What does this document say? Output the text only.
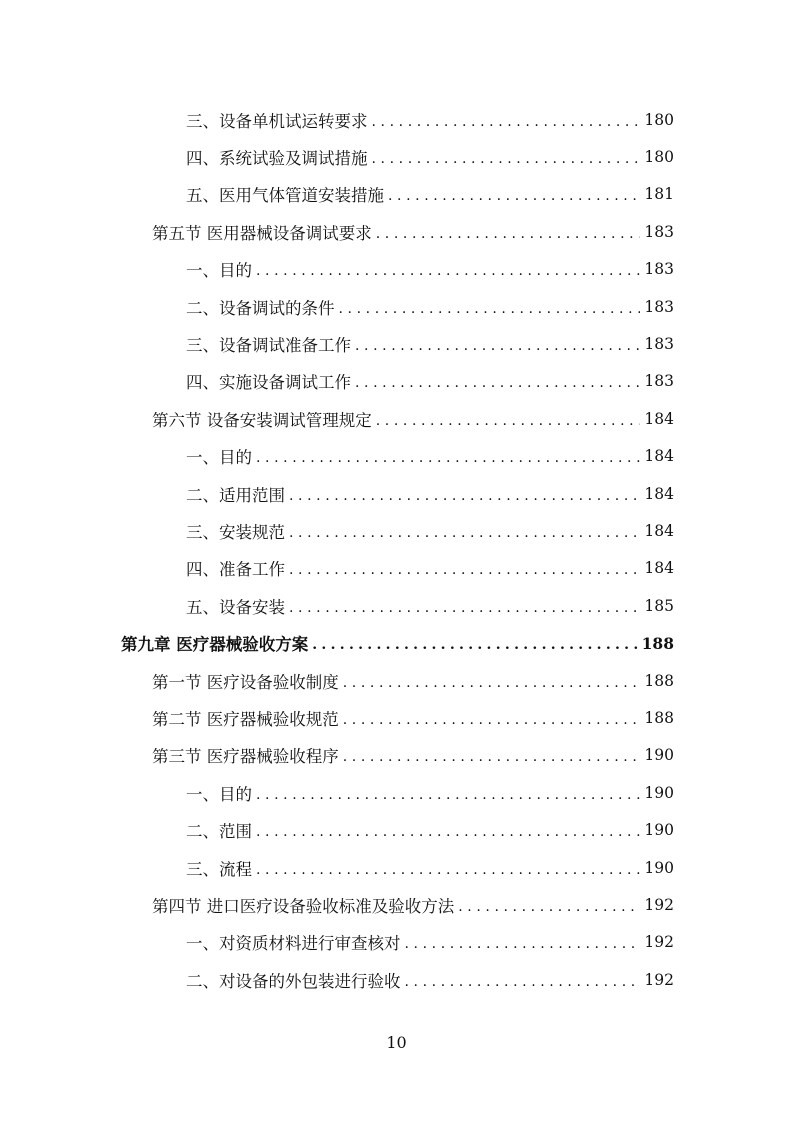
三、设备单机试运转要求 .....	180
四、系统试验及调试措施 .....	180
五、医用气体管道安装措施 .....	181
第五节 医用器械设备调试要求 .....	183
一、目的 .....	183
二、设备调试的条件 .....	183
三、设备调试准备工作 .....	183
四、实施设备调试工作 .....	183
第六节 设备安装调试管理规定 .....	184
一、目的 .....	184
二、适用范围 .....	184
三、安装规范 .....	184
四、准备工作 .....	184
五、设备安装 .....	185
第九章 医疗器械验收方案 .....	188
第一节 医疗设备验收制度 .....	188
第二节 医疗器械验收规范 .....	188
第三节 医疗器械验收程序 .....	190
一、目的 .....	190
二、范围 .....	190
三、流程 .....	190
第四节 进口医疗设备验收标准及验收方法 .....	192
一、对资质材料进行审查核对 .....	192
二、对设备的外包装进行验收 .....	192
10
